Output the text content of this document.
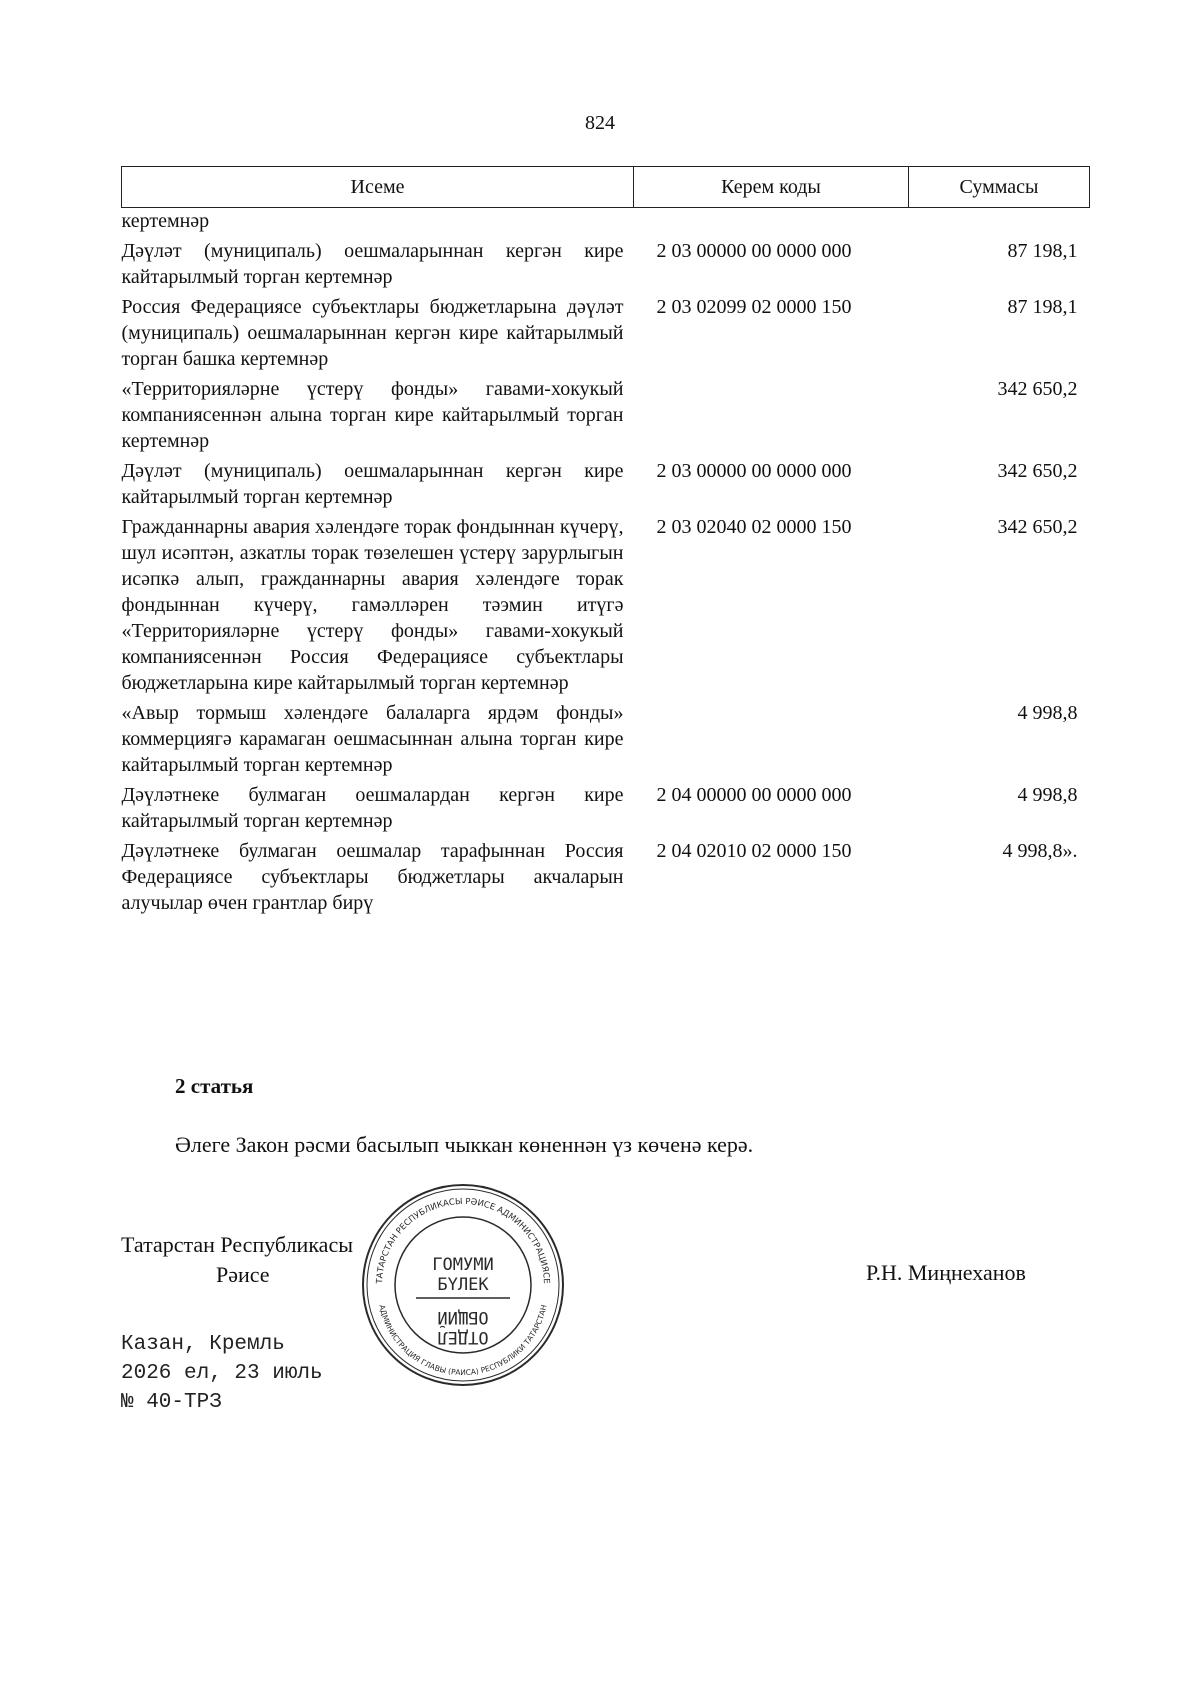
824
Исеме	Керем коды	Суммасы
кертемнәр		
Дәүләт (муниципаль) оешмаларыннан кергән кире кайтарылмый торган кертемнәр	2 03 00000 00 0000 000	87 198,1
Россия Федерациясе субъектлары бюджетларына дәүләт (муниципаль) оешмаларыннан кергән кире кайтарылмый торган башка кертемнәр	2 03 02099 02 0000 150	87 198,1
«Территорияләрне үстерү фонды» гавами-хокукый компаниясеннән алына торган кире кайтарылмый торган кертемнәр		342 650,2
Дәүләт (муниципаль) оешмаларыннан кергән кире кайтарылмый торган кертемнәр	2 03 00000 00 0000 000	342 650,2
Гражданнарны авария хәлендәге торак фондыннан күчерү, шул исәптән, азкатлы торак төзелешен үстерү зарурлыгын исәпкә алып, гражданнарны авария хәлендәге торак фондыннан күчерү, гамәлләрен тәэмин итүгә «Территорияләрне үстерү фонды» гавами-хокукый компаниясеннән Россия Федерациясе субъектлары бюджетларына кире кайтарылмый торган кертемнәр	2 03 02040 02 0000 150	342 650,2
«Авыр тормыш хәлендәге балаларга ярдәм фонды» коммерциягә карамаган оешмасыннан алына торган кире кайтарылмый торган кертемнәр		4 998,8
Дәүләтнеке булмаган оешмалардан кергән кире кайтарылмый торган кертемнәр	2 04 00000 00 0000 000	4 998,8
Дәүләтнеке булмаган оешмалар тарафыннан Россия Федерациясе субъектлары бюджетлары акчаларын алучылар өчен грантлар бирү	2 04 02010 02 0000 150	4 998,8».
2 статья
Әлеге Закон рәсми басылып чыккан көненнән үз көченә керә.
Татарстан Республикасы
Рәисе	Р.Н. Миңнеханов
Казан, Кремль
2026 ел, 23 июль
№ 40-ТРЗ
ТАТАРСТАН РЕСПУБЛИКАСЫ РӘИСЕ АДМИНИСТРАЦИЯСЕ
АДМИНИСТРАЦИЯ ГЛАВЫ (РАИСА) РЕСПУБЛИКИ ТАТАРСТАН
ГОМУМИ
БҮЛЕК
ОТДЕЛ
ОБЩИЙ
